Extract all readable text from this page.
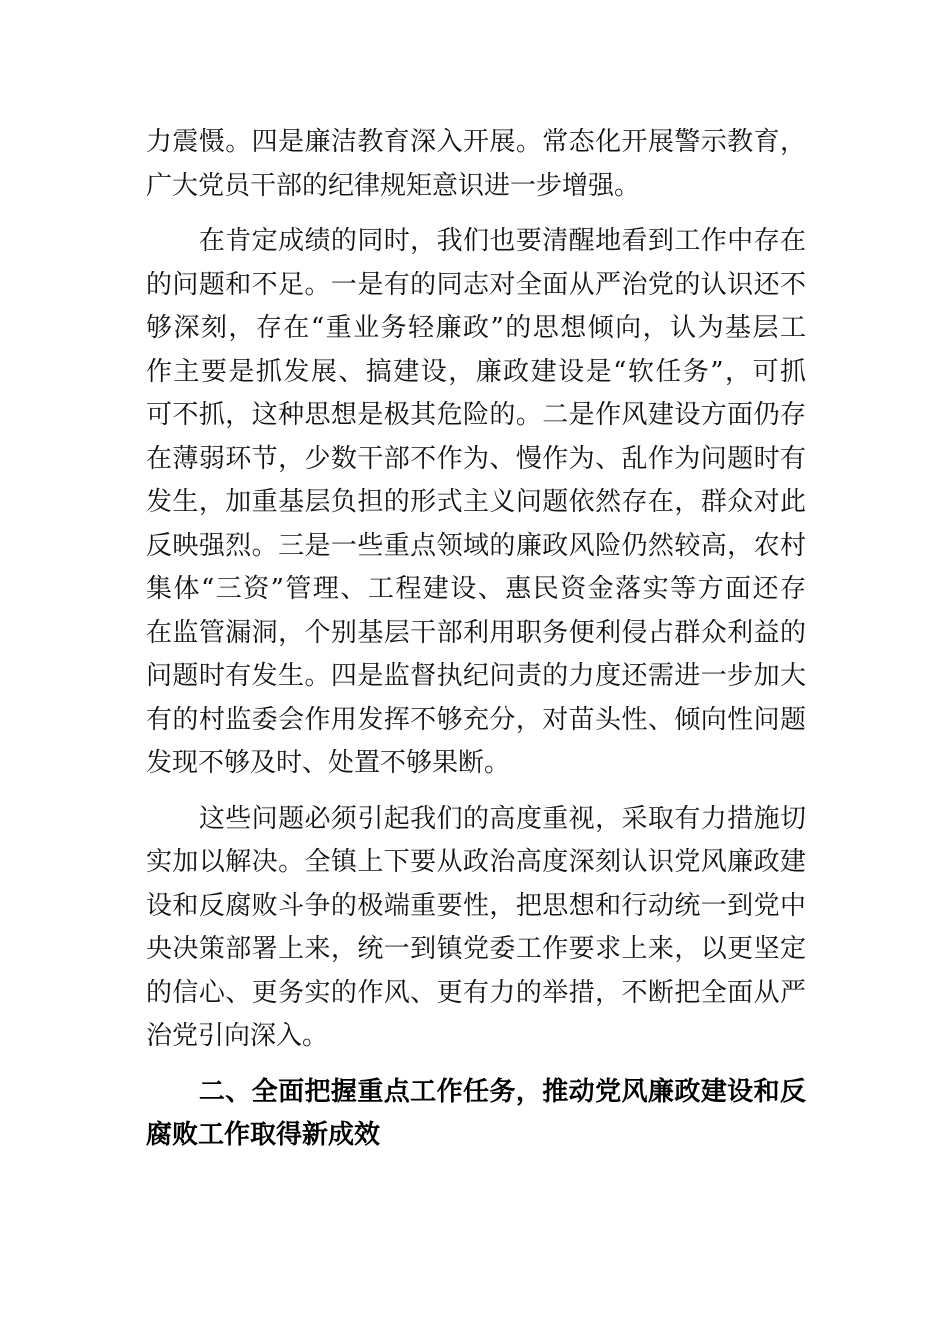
力震慑。四是廉洁教育深入开展。常态化开展警示教育，
广大党员干部的纪律规矩意识进一步增强。
　　在肯定成绩的同时，我们也要清醒地看到工作中存在
的问题和不足。一是有的同志对全面从严治党的认识还不
够深刻，存在“重业务轻廉政”的思想倾向，认为基层工
作主要是抓发展、搞建设，廉政建设是“软任务”，可抓
可不抓，这种思想是极其危险的。二是作风建设方面仍存
在薄弱环节，少数干部不作为、慢作为、乱作为问题时有
发生，加重基层负担的形式主义问题依然存在，群众对此
反映强烈。三是一些重点领域的廉政风险仍然较高，农村
集体“三资”管理、工程建设、惠民资金落实等方面还存
在监管漏洞，个别基层干部利用职务便利侵占群众利益的
问题时有发生。四是监督执纪问责的力度还需进一步加大
有的村监委会作用发挥不够充分，对苗头性、倾向性问题
发现不够及时、处置不够果断。
　　这些问题必须引起我们的高度重视，采取有力措施切
实加以解决。全镇上下要从政治高度深刻认识党风廉政建
设和反腐败斗争的极端重要性，把思想和行动统一到党中
央决策部署上来，统一到镇党委工作要求上来，以更坚定
的信心、更务实的作风、更有力的举措，不断把全面从严
治党引向深入。
　　二、全面把握重点工作任务，推动党风廉政建设和反
腐败工作取得新成效
